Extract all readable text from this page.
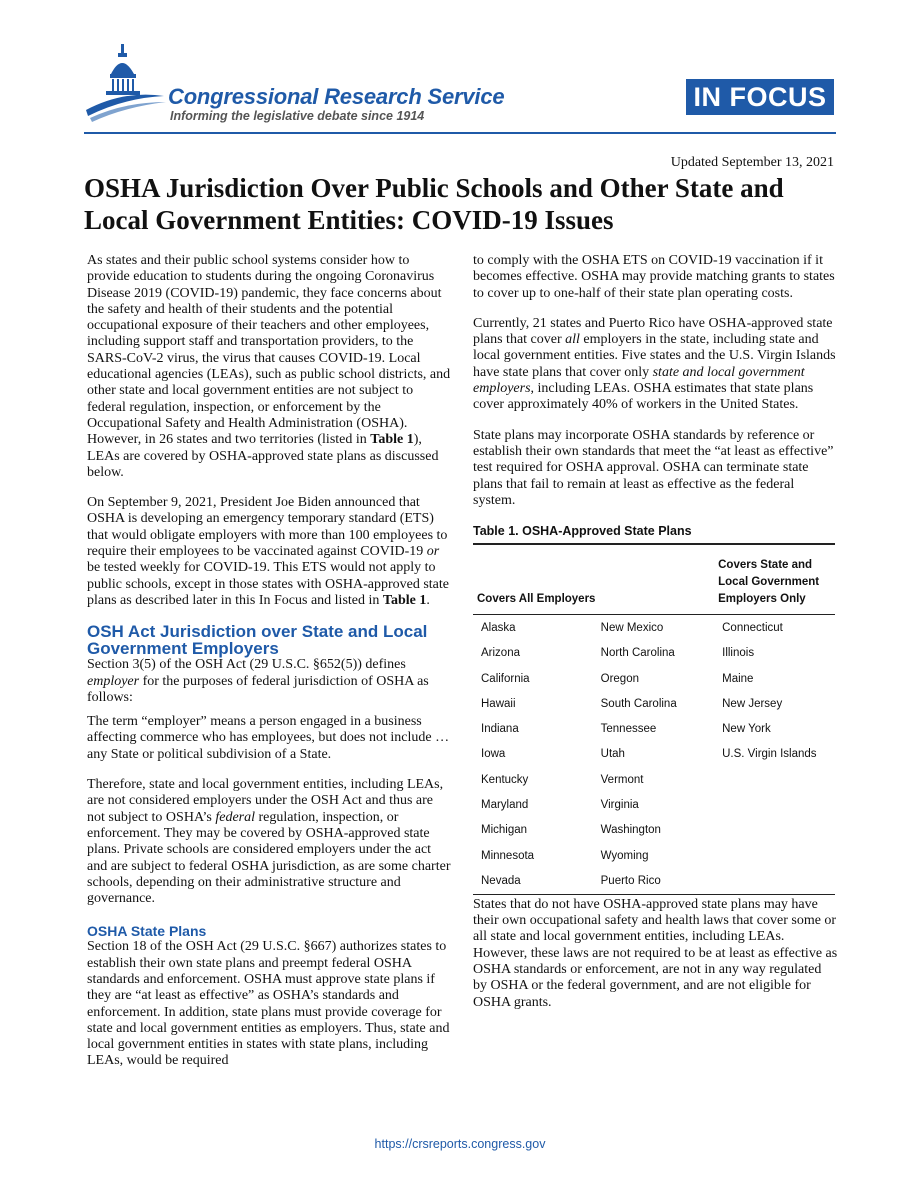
Congressional Research Service
Informing the legislative debate since 1914
IN FOCUS
Updated September 13, 2021
OSHA Jurisdiction Over Public Schools and Other State and Local Government Entities: COVID-19 Issues

As states and their public school systems consider how to provide education to students during the ongoing Coronavirus Disease 2019 (COVID-19) pandemic, they face concerns about the safety and health of their students and the potential occupational exposure of their teachers and other employees, including support staff and transportation providers, to the SARS-CoV-2 virus, the virus that causes COVID-19. Local educational agencies (LEAs), such as public school districts, and other state and local government entities are not subject to federal regulation, inspection, or enforcement by the Occupational Safety and Health Administration (OSHA). However, in 26 states and two territories (listed in Table 1), LEAs are covered by OSHA-approved state plans as discussed below.

On September 9, 2021, President Joe Biden announced that OSHA is developing an emergency temporary standard (ETS) that would obligate employers with more than 100 employees to require their employees to be vaccinated against COVID-19 or be tested weekly for COVID-19. This ETS would not apply to public schools, except in those states with OSHA-approved state plans as described later in this In Focus and listed in Table 1.

OSH Act Jurisdiction over State and Local Government Employers

Section 3(5) of the OSH Act (29 U.S.C. §652(5)) defines employer for the purposes of federal jurisdiction of OSHA as follows:

The term “employer” means a person engaged in a business affecting commerce who has employees, but does not include … any State or political subdivision of a State.

Therefore, state and local government entities, including LEAs, are not considered employers under the OSH Act and thus are not subject to OSHA’s federal regulation, inspection, or enforcement. They may be covered by OSHA-approved state plans. Private schools are considered employers under the act and are subject to federal OSHA jurisdiction, as are some charter schools, depending on their administrative structure and governance.

OSHA State Plans

Section 18 of the OSH Act (29 U.S.C. §667) authorizes states to establish their own state plans and preempt federal OSHA standards and enforcement. OSHA must approve state plans if they are “at least as effective” as OSHA’s standards and enforcement. In addition, state plans must provide coverage for state and local government entities as employers. Thus, state and local government entities in states with state plans, including LEAs, would be required

to comply with the OSHA ETS on COVID-19 vaccination if it becomes effective. OSHA may provide matching grants to states to cover up to one-half of their state plan operating costs.

Currently, 21 states and Puerto Rico have OSHA-approved state plans that cover all employers in the state, including state and local government entities. Five states and the U.S. Virgin Islands have state plans that cover only state and local government employers, including LEAs. OSHA estimates that state plans cover approximately 40% of workers in the United States.

State plans may incorporate OSHA standards by reference or establish their own standards that meet the “at least as effective” test required for OSHA approval. OSHA can terminate state plans that fail to remain at least as effective as the federal system.

Table 1. OSHA-Approved State Plans
Covers All Employers		Covers State and Local Government Employers Only
Alaska	New Mexico	Connecticut
Arizona	North Carolina	Illinois
California	Oregon	Maine
Hawaii	South Carolina	New Jersey
Indiana	Tennessee	New York
Iowa	Utah	U.S. Virgin Islands
Kentucky	Vermont	
Maryland	Virginia	
Michigan	Washington	
Minnesota	Wyoming	
Nevada	Puerto Rico	

States that do not have OSHA-approved state plans may have their own occupational safety and health laws that cover some or all state and local government entities, including LEAs. However, these laws are not required to be at least as effective as OSHA standards or enforcement, are not in any way regulated by OSHA or the federal government, and are not eligible for OSHA grants.

https://crsreports.congress.gov
